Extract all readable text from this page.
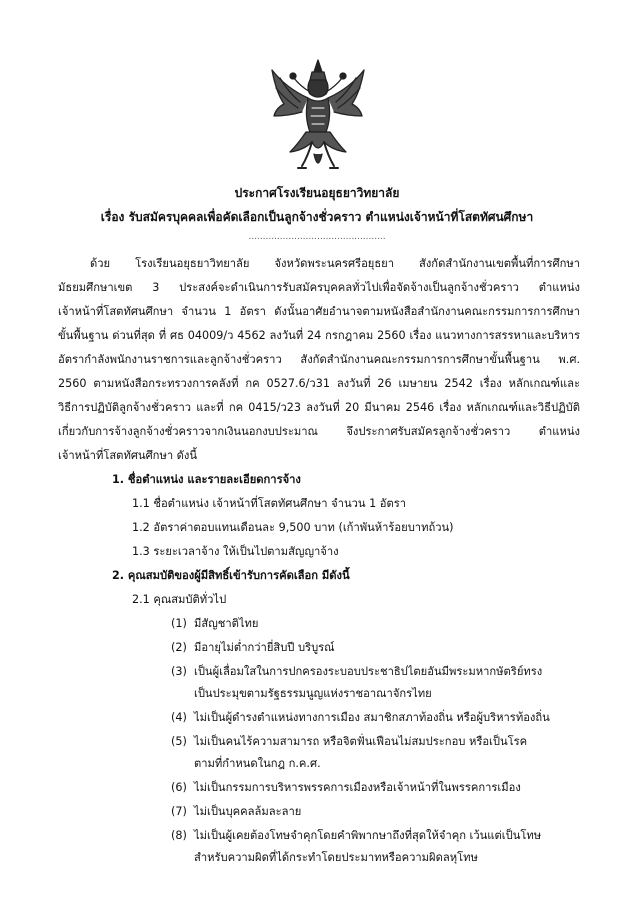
ประกาศโรงเรียนอยุธยาวิทยาลัย
เรื่อง รับสมัครบุคคลเพื่อคัดเลือกเป็นลูกจ้างชั่วคราว ตำแหน่งเจ้าหน้าที่โสตทัศนศึกษา
................................................
ด้วย โรงเรียนอยุธยาวิทยาลัย จังหวัดพระนครศรีอยุธยา สังกัดสำนักงานเขตพื้นที่การศึกษา
มัธยมศึกษาเขต 3 ประสงค์จะดำเนินการรับสมัครบุคคลทั่วไปเพื่อจัดจ้างเป็นลูกจ้างชั่วคราว ตำแหน่ง
เจ้าหน้าที่โสตทัศนศึกษา จำนวน 1 อัตรา ดังนั้นอาศัยอำนาจตามหนังสือสำนักงานคณะกรรมการการศึกษา
ขั้นพื้นฐาน ด่วนที่สุด ที่ ศธ 04009/ว 4562 ลงวันที่ 24 กรกฎาคม 2560 เรื่อง แนวทางการสรรหาและบริหาร
อัตรากำลังพนักงานราชการและลูกจ้างชั่วคราว สังกัดสำนักงานคณะกรรมการการศึกษาขั้นพื้นฐาน พ.ศ.
2560 ตามหนังสือกระทรวงการคลังที่ กค 0527.6/ว31 ลงวันที่ 26 เมษายน 2542 เรื่อง หลักเกณฑ์และ
วิธีการปฏิบัติลูกจ้างชั่วคราว และที่ กค 0415/ว23 ลงวันที่ 20 มีนาคม 2546 เรื่อง หลักเกณฑ์และวิธีปฏิบัติ
เกี่ยวกับการจ้างลูกจ้างชั่วคราวจากเงินนอกงบประมาณ จึงประกาศรับสมัครลูกจ้างชั่วคราว ตำแหน่ง
เจ้าหน้าที่โสตทัศนศึกษา ดังนี้
1. ชื่อตำแหน่ง และรายละเอียดการจ้าง
1.1 ชื่อตำแหน่ง เจ้าหน้าที่โสตทัศนศึกษา จำนวน 1 อัตรา
1.2 อัตราค่าตอบแทนเดือนละ 9,500 บาท (เก้าพันห้าร้อยบาทถ้วน)
1.3 ระยะเวลาจ้าง ให้เป็นไปตามสัญญาจ้าง
2. คุณสมบัติของผู้มีสิทธิ์เข้ารับการคัดเลือก มีดังนี้
2.1 คุณสมบัติทั่วไป
(1) มีสัญชาติไทย
(2) มีอายุไม่ต่ำกว่ายี่สิบปี บริบูรณ์
(3) เป็นผู้เลื่อมใสในการปกครองระบอบประชาธิปไตยอันมีพระมหากษัตริย์ทรง
เป็นประมุขตามรัฐธรรมนูญแห่งราชอาณาจักรไทย
(4) ไม่เป็นผู้ดำรงตำแหน่งทางการเมือง สมาชิกสภาท้องถิ่น หรือผู้บริหารท้องถิ่น
(5) ไม่เป็นคนไร้ความสามารถ หรือจิตฟั่นเฟือนไม่สมประกอบ หรือเป็นโรค
ตามที่กำหนดในกฎ ก.ค.ศ.
(6) ไม่เป็นกรรมการบริหารพรรคการเมืองหรือเจ้าหน้าที่ในพรรคการเมือง
(7) ไม่เป็นบุคคลล้มละลาย
(8) ไม่เป็นผู้เคยต้องโทษจำคุกโดยคำพิพากษาถึงที่สุดให้จำคุก เว้นแต่เป็นโทษ
สำหรับความผิดที่ได้กระทำโดยประมาทหรือความผิดลหุโทษ
